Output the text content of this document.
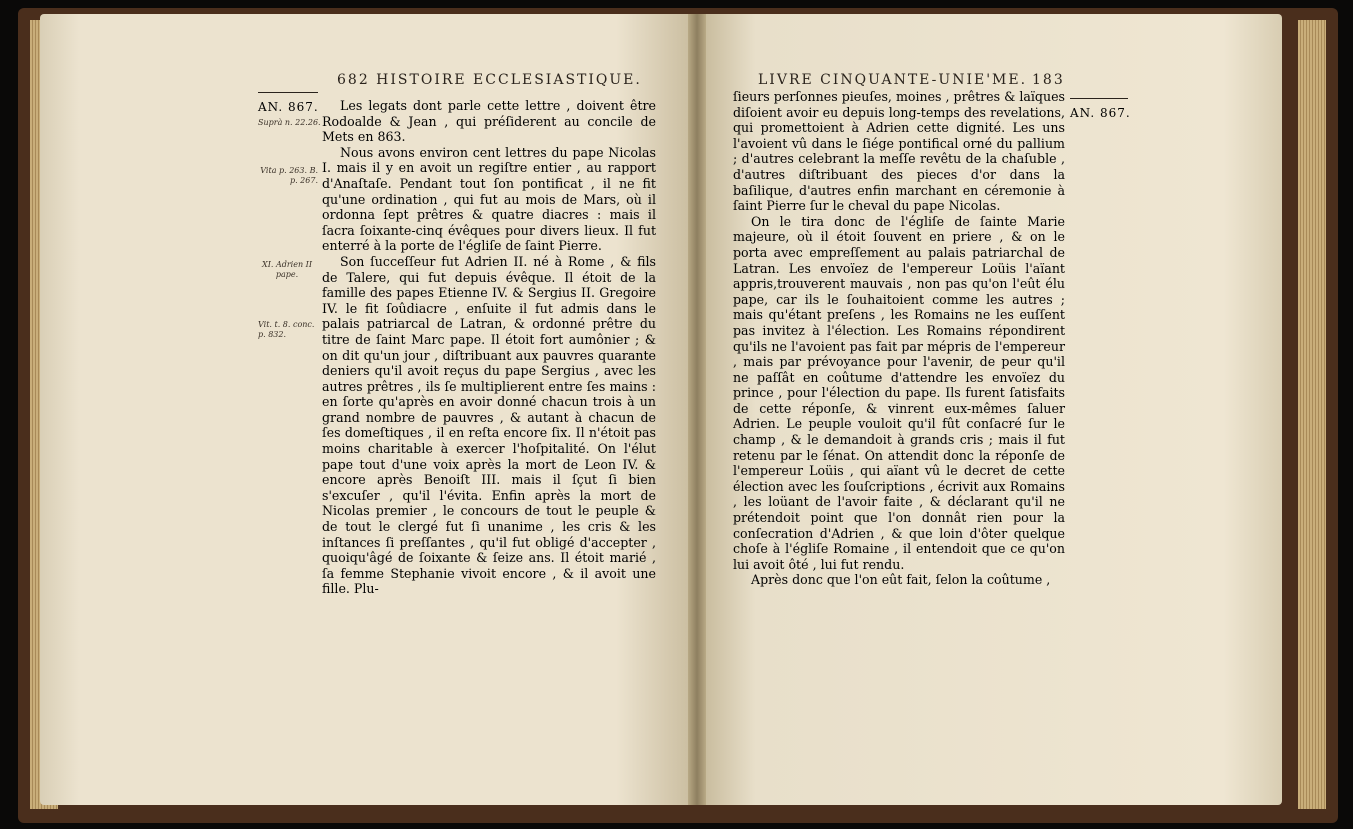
682 HISTOIRE ECCLESIASTIQUE.
AN. 867.
Suprà n. 22.26.
Vita p. 263. B. p. 267.
XI. Adrien II pape.
Vit. t. 8. conc. p. 832.

Les legats dont parle cette lettre , doivent être Rodoalde & Jean , qui préſiderent au concile de Mets en 863.

Nous avons environ cent lettres du pape Nicolas I. mais il y en avoit un regiſtre entier , au rapport d'Anaſtaſe. Pendant tout ſon pontificat , il ne fit qu'une ordination , qui fut au mois de Mars, où il ordonna ſept prêtres & quatre diacres : mais il ſacra ſoixante-cinq évêques pour divers lieux. Il fut enterré à la porte de l'égliſe de ſaint Pierre.

Son ſucceſſeur fut Adrien II. né à Rome , & fils de Talere, qui fut depuis évêque. Il étoit de la famille des papes Etienne IV. & Sergius II. Gregoire IV. le fit ſoûdiacre , enſuite il fut admis dans le palais patriarcal de Latran, & ordonné prêtre du titre de ſaint Marc pape. Il étoit fort aumônier ; & on dit qu'un jour , diſtribuant aux pauvres quarante deniers qu'il avoit reçus du pape Sergius , avec les autres prêtres , ils ſe multiplierent entre ſes mains : en ſorte qu'après en avoir donné chacun trois à un grand nombre de pauvres , & autant à chacun de ſes domeſtiques , il en reſta encore ſix. Il n'étoit pas moins charitable à exercer l'hoſpitalité. On l'élut pape tout d'une voix après la mort de Leon IV. & encore après Benoiſt III. mais il ſçut ſi bien s'excuſer , qu'il l'évita. Enfin après la mort de Nicolas premier , le concours de tout le peuple & de tout le clergé fut ſi unanime , les cris & les inſtances ſi preſſantes , qu'il fut obligé d'accepter , quoiqu'âgé de ſoixante & ſeize ans. Il étoit marié , ſa femme Stephanie vivoit encore , & il avoit une fille. Plu-

LIVRE CINQUANTE-UNIE'ME. 183
AN. 867.

ſieurs perſonnes pieuſes, moines , prêtres & laïques diſoient avoir eu depuis long-temps des revelations, qui promettoient à Adrien cette dignité. Les uns l'avoient vû dans le ſiége pontifical orné du pallium ; d'autres celebrant la meſſe revêtu de la chaſuble , d'autres diſtribuant des pieces d'or dans la baſilique, d'autres enfin marchant en céremonie à ſaint Pierre ſur le cheval du pape Nicolas.

On le tira donc de l'égliſe de ſainte Marie majeure, où il étoit ſouvent en priere , & on le porta avec empreſſement au palais patriarchal de Latran. Les envoïez de l'empereur Loüis l'aïant appris,trouverent mauvais , non pas qu'on l'eût élu pape, car ils le ſouhaitoient comme les autres ; mais qu'étant preſens , les Romains ne les euſſent pas invitez à l'élection. Les Romains répondirent qu'ils ne l'avoient pas fait par mépris de l'empereur , mais par prévoyance pour l'avenir, de peur qu'il ne paſſât en coûtume d'attendre les envoïez du prince , pour l'élection du pape. Ils furent ſatisfaits de cette réponſe, & vinrent eux-mêmes ſaluer Adrien. Le peuple vouloit qu'il fût conſacré ſur le champ , & le demandoit à grands cris ; mais il fut retenu par le ſénat. On attendit donc la réponſe de l'empereur Loüis , qui aïant vû le decret de cette élection avec les ſouſcriptions , écrivit aux Romains , les loüant de l'avoir faite , & déclarant qu'il ne prétendoit point que l'on donnât rien pour la conſecration d'Adrien , & que loin d'ôter quelque choſe à l'égliſe Romaine , il entendoit que ce qu'on lui avoit ôté , lui fut rendu.

Après donc que l'on eût fait, ſelon la coûtume ,
